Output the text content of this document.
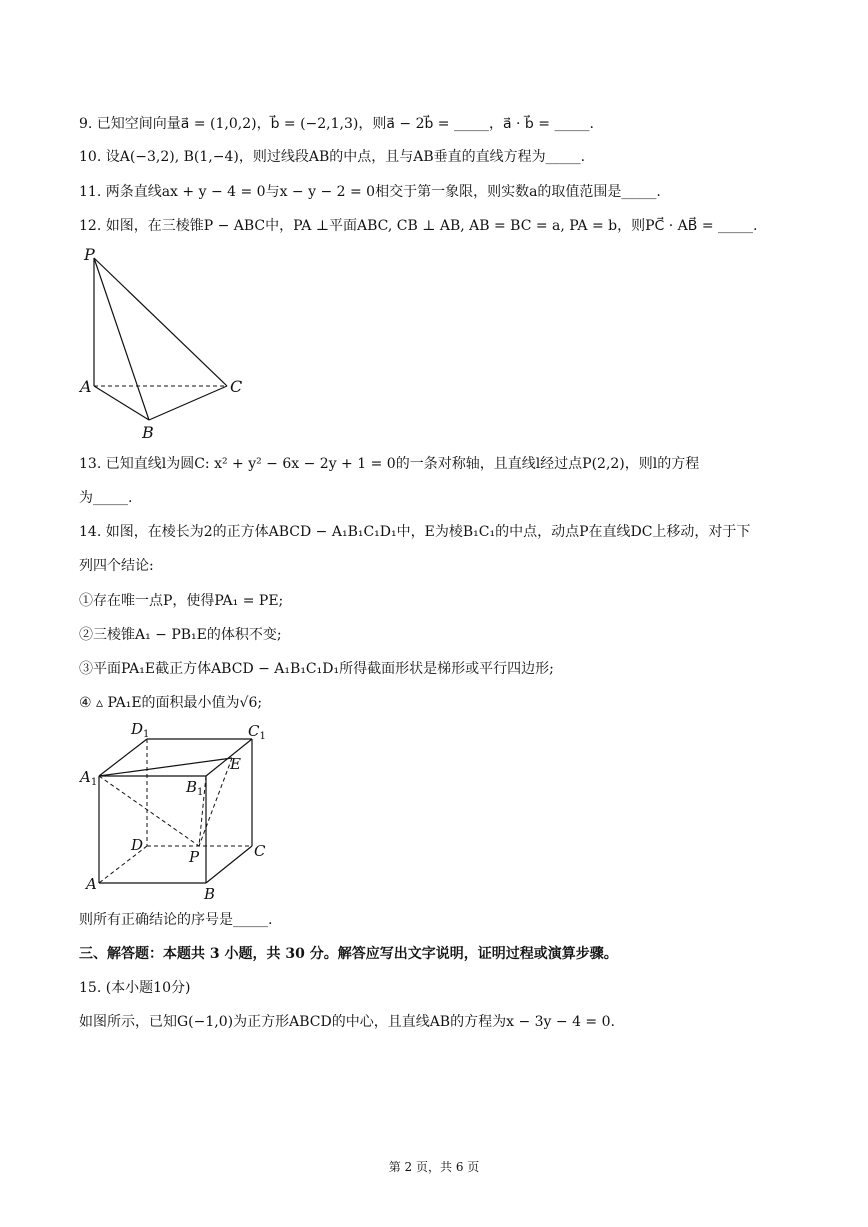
9. 已知空间向量a⃗ = (1,0,2)，b⃗ = (−2,1,3)，则a⃗ − 2b⃗ = _____，a⃗ · b⃗ = _____.
10. 设A(−3,2), B(1,−4)，则过线段AB的中点，且与AB垂直的直线方程为_____.
11. 两条直线ax + y − 4 = 0与x − y − 2 = 0相交于第一象限，则实数a的取值范围是_____.
12. 如图，在三棱锥P − ABC中，PA ⊥平面ABC, CB ⊥ AB, AB = BC = a, PA = b，则PC⃗ · AB⃗ = _____.
P
A
B
C
13. 已知直线l为圆C: x² + y² − 6x − 2y + 1 = 0的一条对称轴，且直线l经过点P(2,2)，则l的方程
为_____.
14. 如图，在棱长为2的正方体ABCD − A₁B₁C₁D₁中，E为棱B₁C₁的中点，动点P在直线DC上移动，对于下
列四个结论:
①存在唯一点P，使得PA₁ = PE;
②三棱锥A₁ − PB₁E的体积不变;
③平面PA₁E截正方体ABCD − A₁B₁C₁D₁所得截面形状是梯形或平行四边形;
④ ▵ PA₁E的面积最小值为√6;
$D_1$	$C_1$
$A_1$
E
$B_1$
D
P	C
A
B
则所有正确结论的序号是_____.
三、解答题：本题共 3 小题，共 30 分。解答应写出文字说明，证明过程或演算步骤。
15. (本小题10分)
如图所示，已知G(−1,0)为正方形ABCD的中心，且直线AB的方程为x − 3y − 4 = 0.
第 2 页，共 6 页
